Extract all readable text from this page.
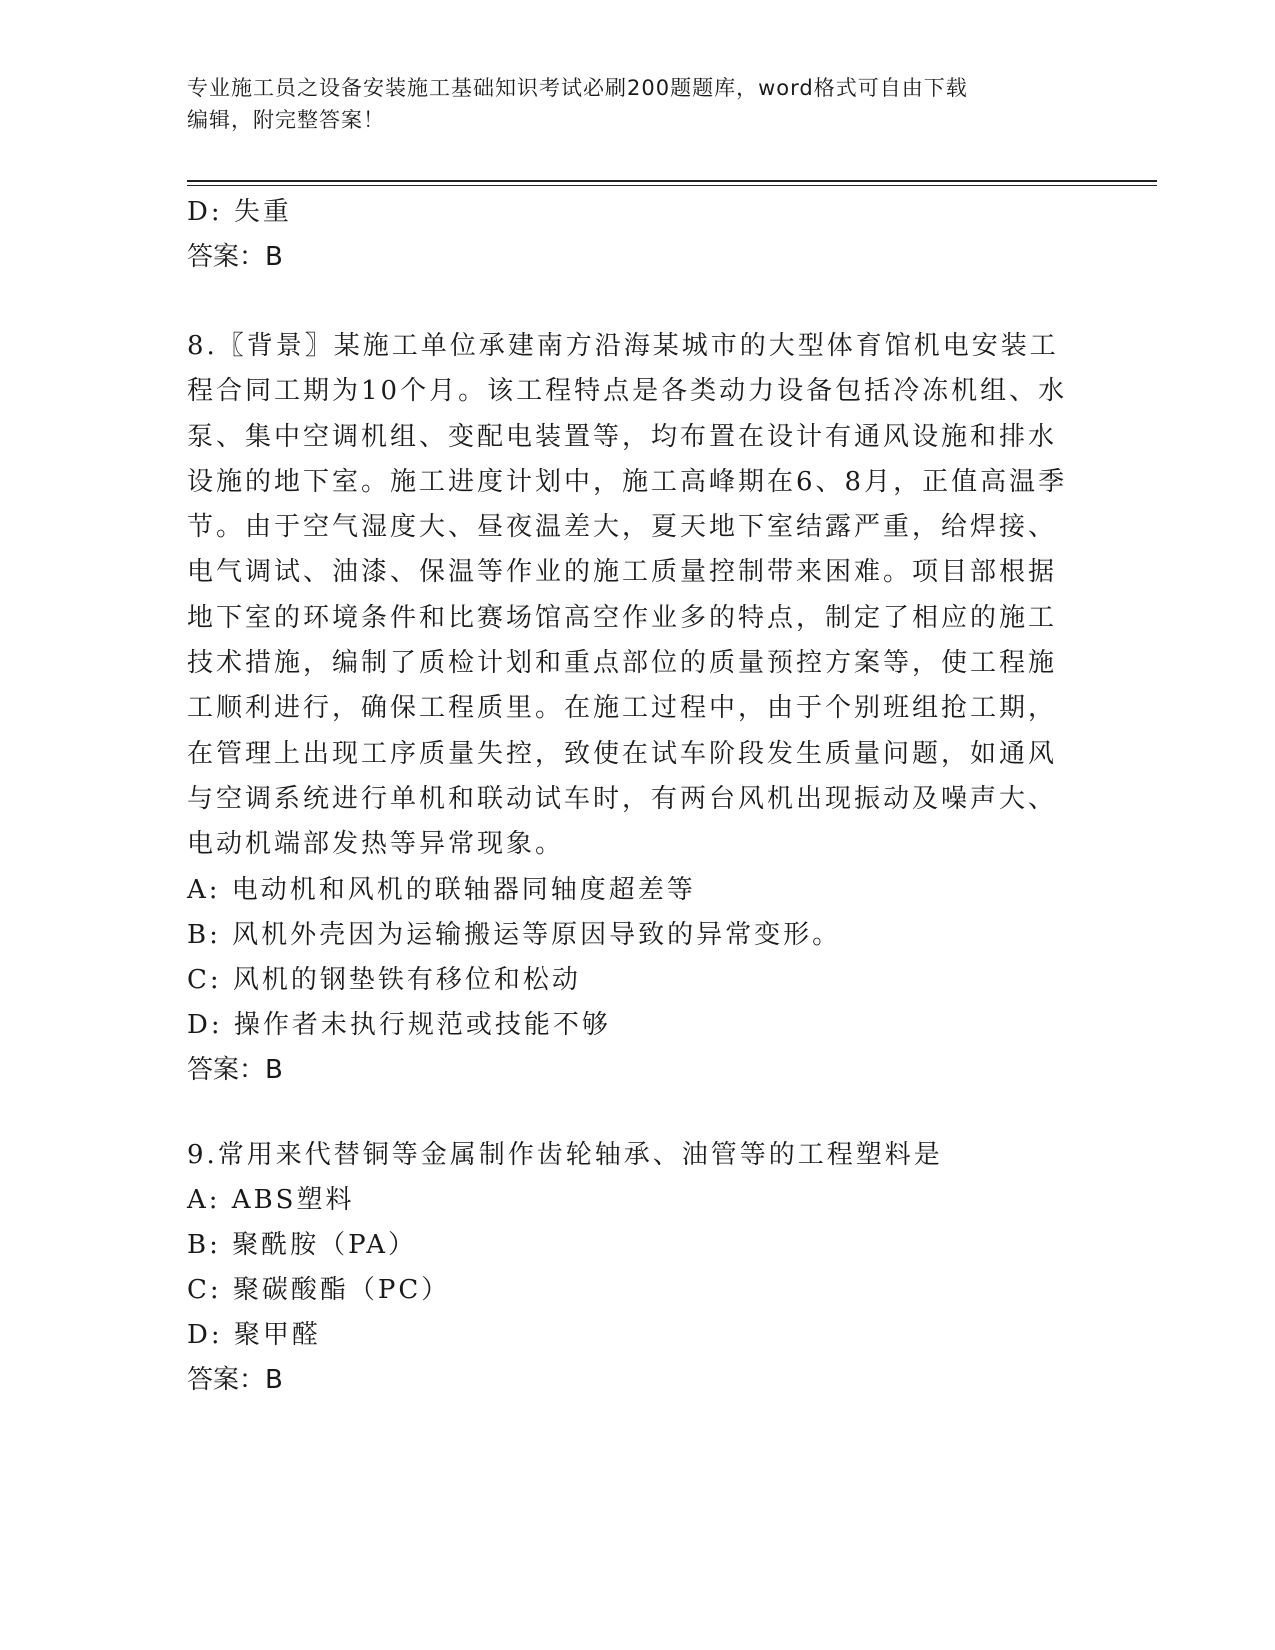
专业施工员之设备安装施工基础知识考试必刷200题题库，word格式可自由下载
编辑，附完整答案！
D: 失重
答案：B
8.〖背景〗某施工单位承建南方沿海某城市的大型体育馆机电安装工
程合同工期为10个月。该工程特点是各类动力设备包括冷冻机组、水
泵、集中空调机组、变配电装置等，均布置在设计有通风设施和排水
设施的地下室。施工进度计划中，施工高峰期在6、8月，正值高温季
节。由于空气湿度大、昼夜温差大，夏天地下室结露严重，给焊接、
电气调试、油漆、保温等作业的施工质量控制带来困难。项目部根据
地下室的环境条件和比赛场馆高空作业多的特点，制定了相应的施工
技术措施，编制了质检计划和重点部位的质量预控方案等，使工程施
工顺利进行，确保工程质里。在施工过程中，由于个别班组抢工期，
在管理上出现工序质量失控，致使在试车阶段发生质量问题，如通风
与空调系统进行单机和联动试车时，有两台风机出现振动及噪声大、
电动机端部发热等异常现象。
A: 电动机和风机的联轴器同轴度超差等
B: 风机外壳因为运输搬运等原因导致的异常变形。
C: 风机的钢垫铁有移位和松动
D: 操作者未执行规范或技能不够
答案：B
9.常用来代替铜等金属制作齿轮轴承、油管等的工程塑料是
A: ABS塑料
B: 聚酰胺（PA）
C: 聚碳酸酯（PC）
D: 聚甲醛
答案：B
